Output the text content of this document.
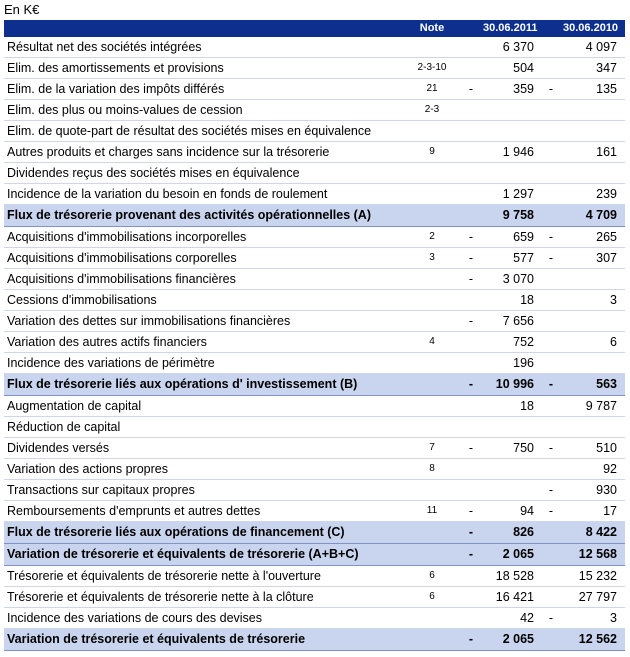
En K€
	Note		30.06.2011		30.06.2010
Résultat net des sociétés intégrées			6 370		4 097
Elim. des amortissements et provisions	2-3-10		504		347
Elim. de la variation des impôts différés	21	-	359	-	135
Elim. des plus ou moins-values de cession	2-3				
Elim. de quote-part de résultat des sociétés mises en équivalence					
Autres produits et charges sans incidence sur la trésorerie	9		1 946		161
Dividendes reçus des sociétés mises en équivalence					
Incidence de la variation du besoin en fonds de roulement			1 297		239
Flux de trésorerie provenant des activités opérationnelles (A)			9 758		4 709
Acquisitions d'immobilisations incorporelles	2	-	659	-	265
Acquisitions d'immobilisations corporelles	3	-	577	-	307
Acquisitions d'immobilisations financières		-	3 070		
Cessions d'immobilisations			18		3
Variation des dettes sur immobilisations financières		-	7 656		
Variation des autres actifs financiers	4		752		6
Incidence des variations de périmètre			196		
Flux de trésorerie liés aux opérations d' investissement (B)		-	10 996	-	563
Augmentation de capital			18		9 787
Réduction de capital					
Dividendes versés	7	-	750	-	510
Variation des actions propres	8				92
Transactions sur capitaux propres				-	930
Remboursements d'emprunts et autres dettes	11	-	94	-	17
Flux de trésorerie liés aux opérations de financement (C)		-	826		8 422
Variation de trésorerie et équivalents de trésorerie (A+B+C)		-	2 065		12 568
Trésorerie et équivalents de trésorerie nette à l'ouverture	6		18 528		15 232
Trésorerie et équivalents de trésorerie nette à la clôture	6		16 421		27 797
Incidence des variations de cours des devises			42	-	3
Variation de trésorerie et équivalents de trésorerie		-	2 065		12 562
